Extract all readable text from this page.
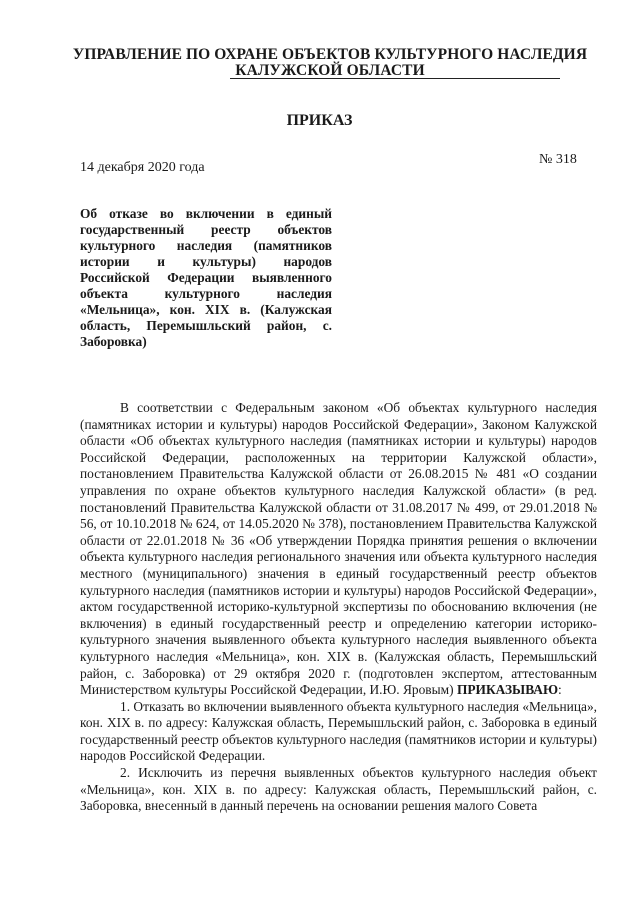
УПРАВЛЕНИЕ ПО ОХРАНЕ ОБЪЕКТОВ КУЛЬТУРНОГО НАСЛЕДИЯ
КАЛУЖСКОЙ ОБЛАСТИ
ПРИКАЗ
14 декабря 2020 года
№ 318
Об отказе во включении в единый государственный реестр объектов культурного наследия (памятников истории и культуры) народов Российской Федерации выявленного объекта культурного наследия «Мельница», кон. XIX в. (Калужская область, Перемышльский район, с. Заборовка)

В соответствии с Федеральным законом «Об объектах культурного наследия (памятниках истории и культуры) народов Российской Федерации», Законом Калужской области «Об объектах культурного наследия (памятниках истории и культуры) народов Российской Федерации, расположенных на территории Калужской области», постановлением Правительства Калужской области от 26.08.2015 № 481 «О создании управления по охране объектов культурного наследия Калужской области» (в ред. постановлений Правительства Калужской области от 31.08.2017 № 499, от 29.01.2018 № 56, от 10.10.2018 № 624, от 14.05.2020 № 378), постановлением Правительства Калужской области от 22.01.2018 № 36 «Об утверждении Порядка принятия решения о включении объекта культурного наследия регионального значения или объекта культурного наследия местного (муниципального) значения в единый государственный реестр объектов культурного наследия (памятников истории и культуры) народов Российской Федерации», актом государственной историко-культурной экспертизы по обоснованию включения (не включения) в единый государственный реестр и определению категории историко-культурного значения выявленного объекта культурного наследия выявленного объекта культурного наследия «Мельница», кон. XIX в. (Калужская область, Перемышльский район, с. Заборовка) от 29 октября 2020 г. (подготовлен экспертом, аттестованным Министерством культуры Российской Федерации, И.Ю. Яровым) ПРИКАЗЫВАЮ:

1. Отказать во включении выявленного объекта культурного наследия «Мельница», кон. XIX в. по адресу: Калужская область, Перемышльский район, с. Заборовка в единый государственный реестр объектов культурного наследия (памятников истории и культуры) народов Российской Федерации.

2. Исключить из перечня выявленных объектов культурного наследия объект «Мельница», кон. XIX в. по адресу: Калужская область, Перемышльский район, с. Заборовка, внесенный в данный перечень на основании решения малого Совета
